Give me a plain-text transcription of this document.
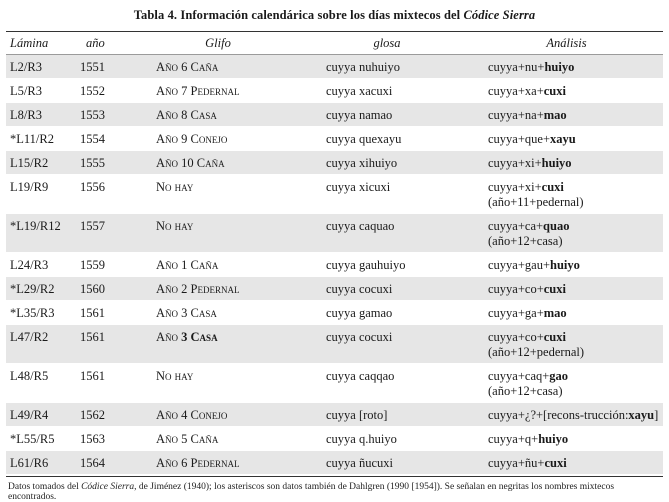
Tabla 4. Información calendárica sobre los días mixtecos del Códice Sierra
Lámina	año	Glifo	glosa	Análisis

L2/R3	1551	Año 6 Caña	cuyya nuhuiyo	cuyya+nu+huiyo

L5/R3	1552	Año 7 Pedernal	cuyya xacuxi	cuyya+xa+cuxi

L8/R3	1553	Año 8 Casa	cuyya namao	cuyya+na+mao

*L11/R2	1554	Año 9 Conejo	cuyya quexayu	cuyya+que+xayu

L15/R2	1555	Año 10 Caña	cuyya xihuiyo	cuyya+xi+huiyo

L19/R9	1556	No hay	cuyya xicuxi	cuyya+xi+cuxi
(año+11+pedernal)

*L19/R12	1557	No hay	cuyya caquao	cuyya+ca+quao
(año+12+casa)

L24/R3	1559	Año 1 Caña	cuyya gauhuiyo	cuyya+gau+huiyo

*L29/R2	1560	Año 2 Pedernal	cuyya cocuxi	cuyya+co+cuxi

*L35/R3	1561	Año 3 Casa	cuyya gamao	cuyya+ga+mao

L47/R2	1561	Año 3 Casa	cuyya cocuxi	cuyya+co+cuxi
(año+12+pedernal)

L48/R5	1561	No hay	cuyya caqqao	cuyya+caq+gao
(año+12+casa)

L49/R4	1562	Año 4 Conejo	cuyya [roto]	cuyya+¿?+[recons-trucción:xayu]

*L55/R5	1563	Año 5 Caña	cuyya q.huiyo	cuyya+q+huiyo

L61/R6	1564	Año 6 Pedernal	cuyya ñucuxi	cuyya+ñu+cuxi
Datos tomados del Códice Sierra, de Jiménez (1940); los asteriscos son datos también de Dahlgren (1990 [1954]). Se señalan en negritas los nombres mixtecos encontrados.
